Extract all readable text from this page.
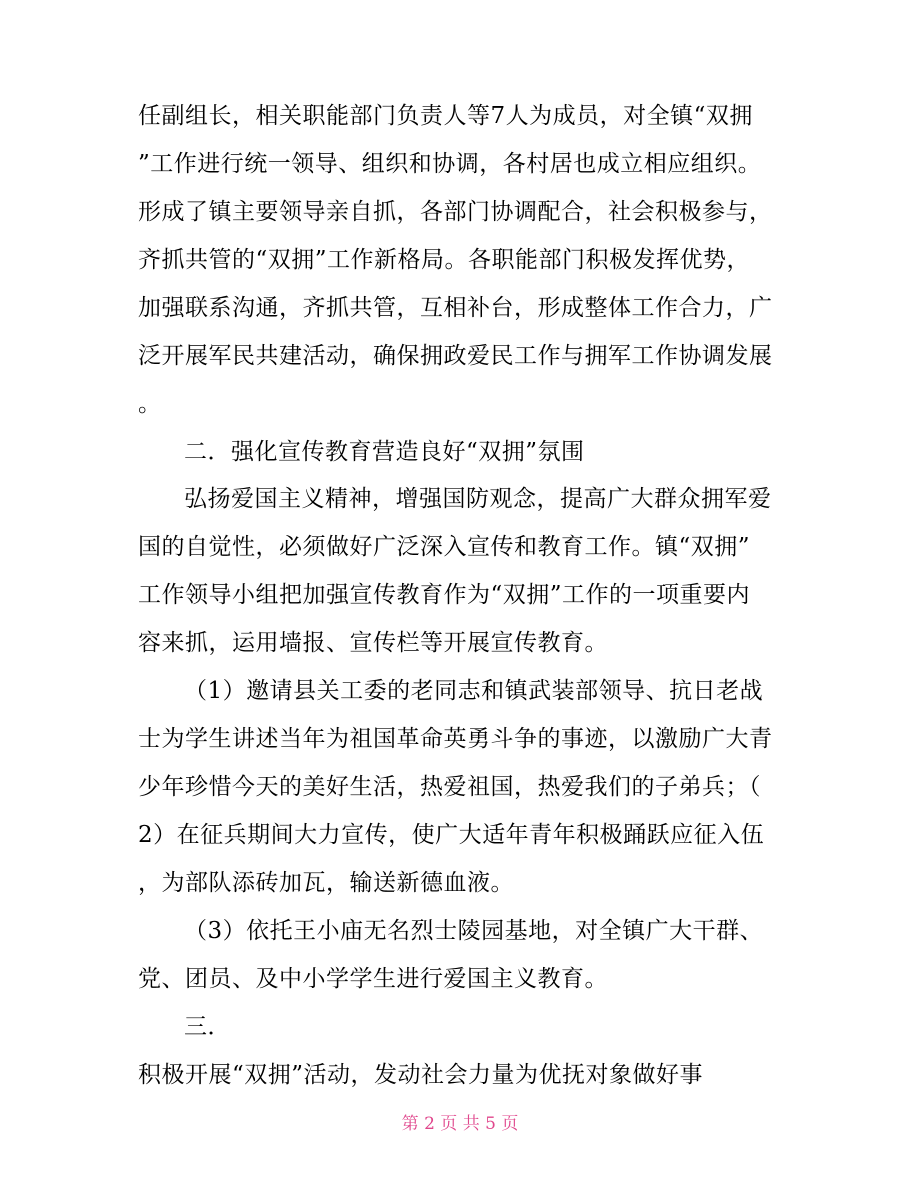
任副组长，相关职能部门负责人等7人为成员，对全镇“双拥
”工作进行统一领导、组织和协调，各村居也成立相应组织。
形成了镇主要领导亲自抓，各部门协调配合，社会积极参与，
齐抓共管的“双拥”工作新格局。各职能部门积极发挥优势，
加强联系沟通，齐抓共管，互相补台，形成整体工作合力，广
泛开展军民共建活动，确保拥政爱民工作与拥军工作协调发展
。
二．强化宣传教育营造良好“双拥”氛围
弘扬爱国主义精神，增强国防观念，提高广大群众拥军爱
国的自觉性，必须做好广泛深入宣传和教育工作。镇“双拥”
工作领导小组把加强宣传教育作为“双拥”工作的一项重要内
容来抓，运用墙报、宣传栏等开展宣传教育。
（1）邀请县关工委的老同志和镇武装部领导、抗日老战
士为学生讲述当年为祖国革命英勇斗争的事迹，以激励广大青
少年珍惜今天的美好生活，热爱祖国，热爱我们的子弟兵；（
2）在征兵期间大力宣传，使广大适年青年积极踊跃应征入伍
，为部队添砖加瓦，输送新德血液。
（3）依托王小庙无名烈士陵园基地，对全镇广大干群、
党、团员、及中小学学生进行爱国主义教育。
三．
积极开展“双拥”活动，发动社会力量为优抚对象做好事
第 2 页 共 5 页
